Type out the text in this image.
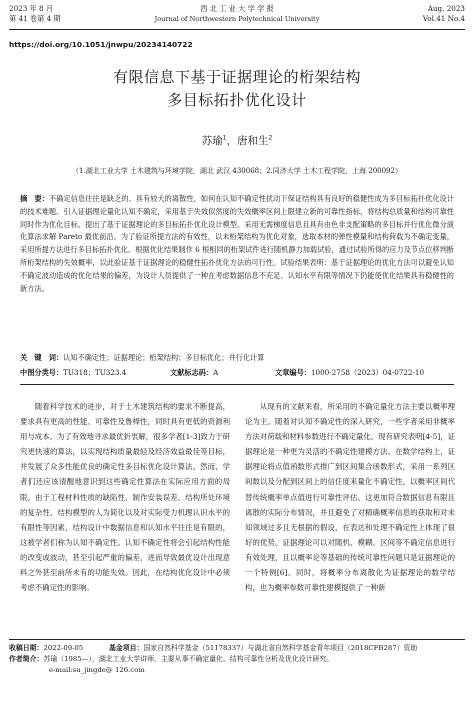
2023 年 8 月
第 41 卷第 4 期
西 北 工 业 大 学 学 报
Journal of Northwestern Polytechnical University
Aug. 2023
Vol.41 No.4
https://doi.org/10.1051/jnwpu/20234140722
有限信息下基于证据理论的桁架结构
多目标拓扑优化设计
苏瑜$^1$，唐和生$^2$
（1.湖北工业大学 土木建筑与环境学院，湖北 武汉 430068；2.同济大学 土木工程学院，上海 200092）
摘　要：不确定信息往往是缺乏的、具有较大的离散性，如何在认知不确定性扰动下保证结构具有良好的稳健性成为多目标拓扑优化设计的技术难题。引入证据理论量化认知不确定，采用基于失效似然度的失效概率区间上限建立新的可靠性指标，将结构总质量和结构可靠性同时作为优化目标，提出了基于证据理论的多目标拓扑优化设计模型。采用无需梯度信息且具有由色非支配策略的多目标并行优化微分演化算法求解 Pareto 最优前沿。为了验证所提方法的有效性，以未桁架结构为优化对象，选取本材的弹性模量和结构荷载为不确定变量，采用所提方法进行多目标拓扑优化。根据优化结果制作 6 根相同的桁架试件进行随机静力加载试验，通过试验所得的应力及节点位移判断所桁架结构的失效概率，以此验证基于证据理论的稳健性拓扑优化方法的可行性。试验结果表明：基于证据理论的优化方法可以避免认知不确定波动造成的优化结果的偏差，为设计人员提供了一种在考虑数据信息不充足、认知水平有限等情况下仍能使优化结果具有稳健性的新方法。
关　键　词：认知不确定性；证据理论；桁架结构；多目标优化；并行化计算
中图分类号：TU318；TU323.4	文献标志码：A	文章编号：1000-2758（2023）04-0722-10

随着科学技术的进步，对于土木建筑结构的要求不断提高，要求具有更高的性能、可靠性及鲁棒性，同时具有更低的资源利用与成本。为了有效地寻求最优折衷解，很多学者[1-3]致力于研究更快速的算法，以实现结构质量最轻及经济效益最佳等目标，并发展了众多性能优良的确定性多目标优化设计算法。然而，学者们还应该清醒地意识到这些确定性算法在实际应用方面的局限。由于工程材料性质的缺陷性、制作安装误差、结构所处环境的复杂性、结构模型的人为简化以及对实际受力机理认识水平的有限性等因素，结构设计中数据信息和认知水平往往是有限的，这被学者们称为认知不确定性。认知不确定性将会引起结构性能的改变或波动，甚至引起严重的偏差，进而导致最优设计出现意料之外甚至前所未有的功能失效。因此，在结构优化设计中必须考虑不确定性的影响。

从现有的文献来看，所采用的不确定量化方法主要以概率理论为主。随着对认知不确定性的深入研究，一些学者采用非概率方法对荷载和材料参数进行不确定量化。现有研究表明[4-5]，证据理论是一种更为灵活的不确定性建模方法。在数学结构上，证据理论将点值函数形式推广到区间集合函数形式，采用一系列区间数以及分配到区间上的信任度来量化不确定性，以概率区间代替传统概率单点值进行可靠性评估。这更加符合数据信息有限且离散的实际分布情况，并且避免了对精确概率信息的获取和对未知领域过多且无根据的假设，在表达和处理不确定性上体现了很好的优势。证据理论可以对随机、模糊、区间等不确定信息进行有效处理，且以概率论等基础的传统可靠性问题只是证据理论的一个特例[6]。同时，将概率分布离散化为证据理论的数学结构，也为概率参数可靠性建模提供了一种新

收稿日期：2022-09-05	基金项目：国家自然科学基金（51178337）与湖北省自然科学基金青年项目（2018CFB287）资助
作者简介：苏瑜（1985—），湖北工业大学讲师，主要从事不确定量化、结构可靠性分析及优化设计研究。
e-mail:su_jingde@ 126.com
